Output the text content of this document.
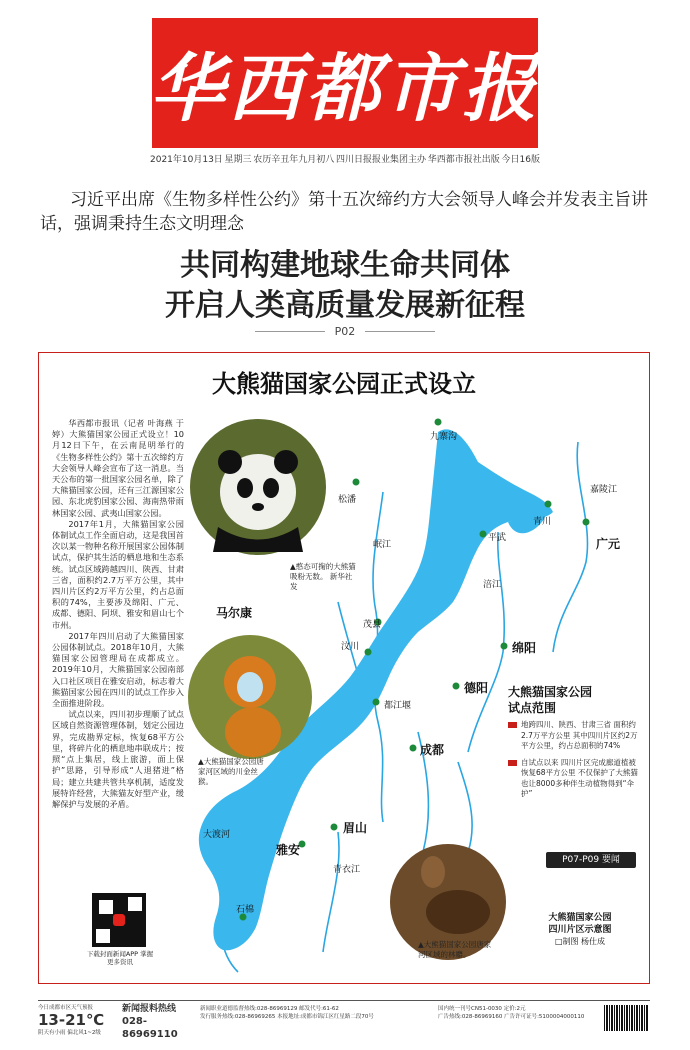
华西都市报
2021年10月13日 星期三 农历辛丑年九月初八 四川日报报业集团主办 华西都市报社出版 今日16版
习近平出席《生物多样性公约》第十五次缔约方大会领导人峰会并发表主旨讲话，强调秉持生态文明理念
共同构建地球生命共同体
开启人类高质量发展新征程
P02
九寨沟
松潘
平武
青川
广元
嘉陵江
岷江
涪江
茂县
马尔康
汶川	绵阳
德阳
都江堰
成都
眉山
雅安
大渡河
青衣江
石棉
大熊猫国家公园正式设立

华西都市报讯（记者 叶海燕 于婷）大熊猫国家公园正式设立！10月12日下午，在云南昆明举行的《生物多样性公约》第十五次缔约方大会领导人峰会宣布了这一消息。当天公布的第一批国家公园名单，除了大熊猫国家公园，还有三江源国家公园、东北虎豹国家公园、海南热带雨林国家公园、武夷山国家公园。

2017年1月，大熊猫国家公园体制试点工作全面启动，这是我国首次以某一物种名称开展国家公园体制试点，保护其生活的栖息地和生态系统。试点区域跨越四川、陕西、甘肃三省，面积约2.7万平方公里，其中四川片区约2万平方公里，约占总面积的74%，主要涉及绵阳、广元、成都、德阳、阿坝、雅安和眉山七个市州。

2017年四川启动了大熊猫国家公园体制试点。2018年10月，大熊猫国家公园管理局在成都成立。2019年10月，大熊猫国家公园南部入口社区项目在雅安启动，标志着大熊猫国家公园在四川的试点工作步入全面推进阶段。

试点以来，四川初步理顺了试点区域自然资源管理体制，划定公园边界，完成勘界定标，恢复68平方公里，将碎片化的栖息地串联成片；按照“点上集居，线上旅游，面上保护”思路，引导形成“人退猪进”格局；建立共建共管共享机制，适度发展特许经营，大熊猫友好型产业，缓解保护与发展的矛盾。

▲憨态可掬的大熊猫吸粉无数。 新华社发
▲大熊猫国家公园唐家河区域的川金丝猴。
▲大熊猫国家公园唐家河区域的林麝。
大熊猫国家公园
试点范围
地跨四川、陕西、甘肃三省 面积约2.7万平方公里 其中四川片区约2万平方公里，约占总面积的74%
自试点以来 四川片区完成廊道植被恢复68平方公里 不仅保护了大熊猫 也让8000多种伴生动植物得到“伞护”
P07-P09 要闻
大熊猫国家公园
四川片区示意图
□制图 杨仕成
下载封面新闻APP 掌握更多资讯
今日成都市区天气预报
13-21℃
阴天有小雨 偏北风1~2级
新闻报料热线
028-86969110
新闻职业道德监督热线:028-86969129 邮发代号:61-62
发行服务热线:028-86969265 本报地址:成都市锦江区红星路二段70号
国内统一刊号CN51-0030 定价:2元
广告热线:028-86969160 广告许可证号:5100004000110
